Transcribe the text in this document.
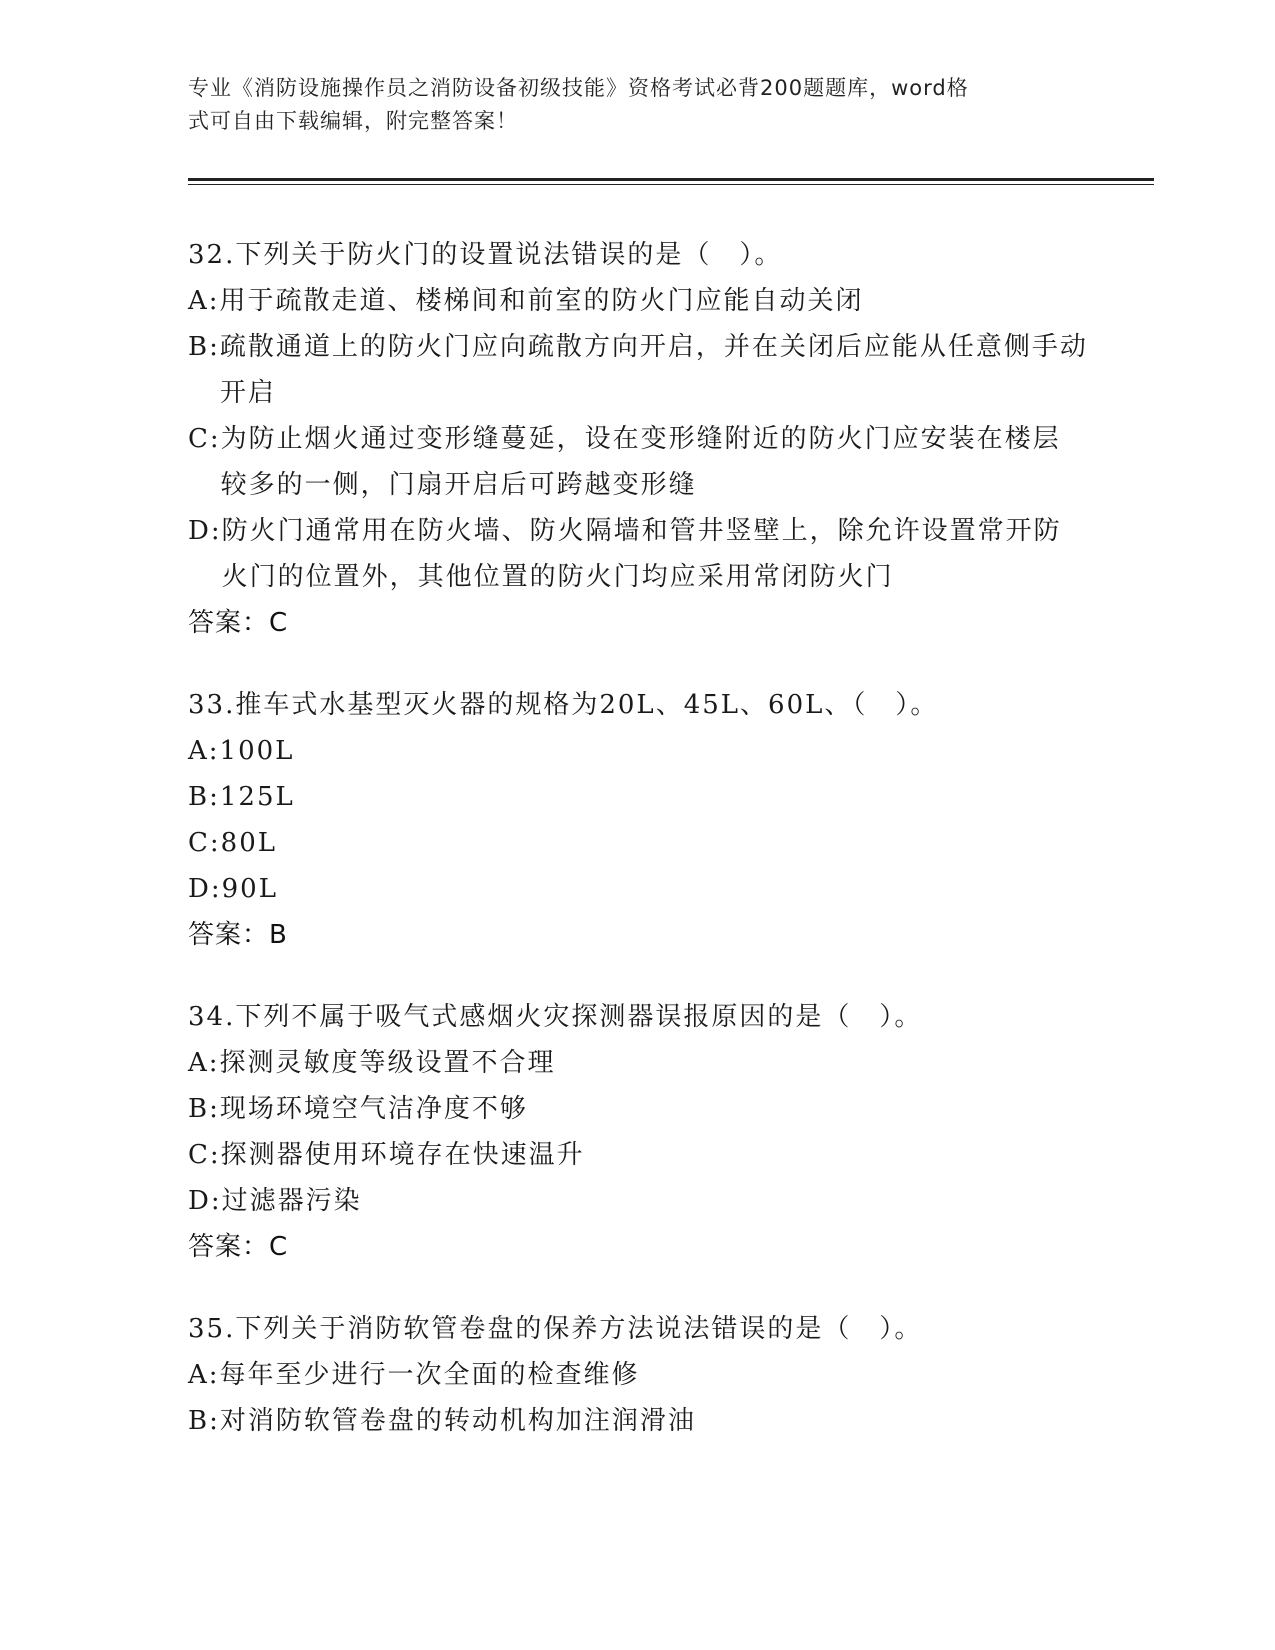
专业《消防设施操作员之消防设备初级技能》资格考试必背200题题库，word格
式可自由下载编辑，附完整答案！
32.下列关于防火门的设置说法错误的是（　）。
A: 用于疏散走道、楼梯间和前室的防火门应能自动关闭
B: 疏散通道上的防火门应向疏散方向开启，并在关闭后应能从任意侧手动开启
C: 为防止烟火通过变形缝蔓延，设在变形缝附近的防火门应安装在楼层较多的一侧，门扇开启后可跨越变形缝
D: 防火门通常用在防火墙、防火隔墙和管井竖壁上，除允许设置常开防火门的位置外，其他位置的防火门均应采用常闭防火门
答案：C
33.推车式水基型灭火器的规格为20L、45L、60L、（　）。
A: 100L
B: 125L
C: 80L
D: 90L
答案：B
34.下列不属于吸气式感烟火灾探测器误报原因的是（　）。
A: 探测灵敏度等级设置不合理
B: 现场环境空气洁净度不够
C: 探测器使用环境存在快速温升
D: 过滤器污染
答案：C
35.下列关于消防软管卷盘的保养方法说法错误的是（　）。
A: 每年至少进行一次全面的检查维修
B: 对消防软管卷盘的转动机构加注润滑油
